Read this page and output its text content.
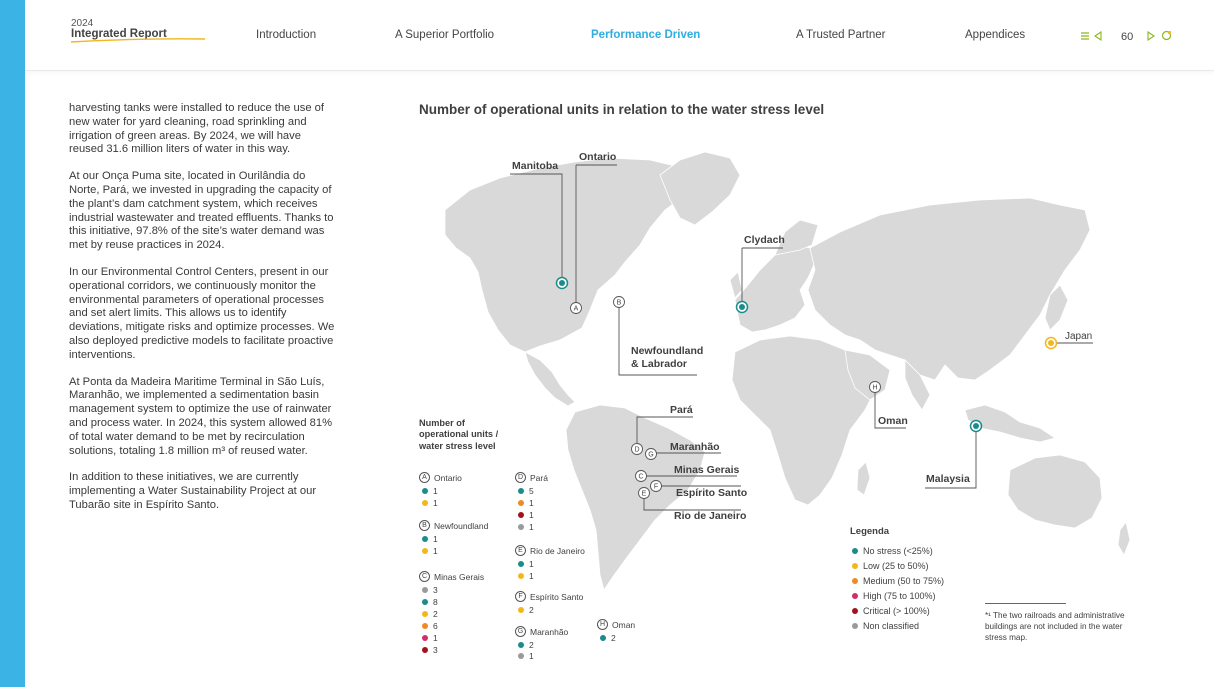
2024
Integrated Report	Introduction	A Superior Portfolio	Performance Driven	A Trusted Partner	Appendices	60

harvesting tanks were installed to reduce the use of new water for yard cleaning, road sprinkling and irrigation of green areas. By 2024, we will have reused 31.6 million liters of water in this way.

At our Onça Puma site, located in Ourilândia do Norte, Pará, we invested in upgrading the capacity of the plant’s dam catchment system, which receives industrial wastewater and treated effluents. Thanks to this initiative, 97.8% of the site’s water demand was met by reuse practices in 2024.

In our Environmental Control Centers, present in our operational corridors, we continuously monitor the environmental parameters of operational processes and set alert limits. This allows us to identify deviations, mitigate risks and optimize processes. We also deployed predictive models to facilitate proactive interventions.

At Ponta da Madeira Maritime Terminal in São Luís, Maranhão, we implemented a sedimentation basin management system to optimize the use of rainwater and process water. In 2024, this system allowed 81% of total water demand to be met by recirculation solutions, totaling 1.8 million m³ of reused water.

In addition to these initiatives, we are currently implementing a Water Sustainability Project at our Tubarão site in Espírito Santo.

Number of operational units in relation to the water stress level
A
B
D
G
C
F
E
H
Manitoba
Ontario
Clydach
Japan
Newfoundland
& Labrador
Pará
Maranhão
Minas Gerais
Espírito Santo
Rio de Janeiro
Oman
Malaysia
Number of operational units / water stress level
A Ontario
1
1
B Newfoundland
1
1
C Minas Gerais
3
8
2
6
1
3
D Pará
5
1
1
1
E Rio de Janeiro
1
1
F Espírito Santo
2
G Maranhão
2
1
H Oman
2
Legenda
No stress (<25%)
Low (25 to 50%)
Medium (50 to 75%)
High (75 to 100%)
Critical (> 100%)
Non classified
*¹ The two railroads and administrative buildings are not included in the water stress map.
